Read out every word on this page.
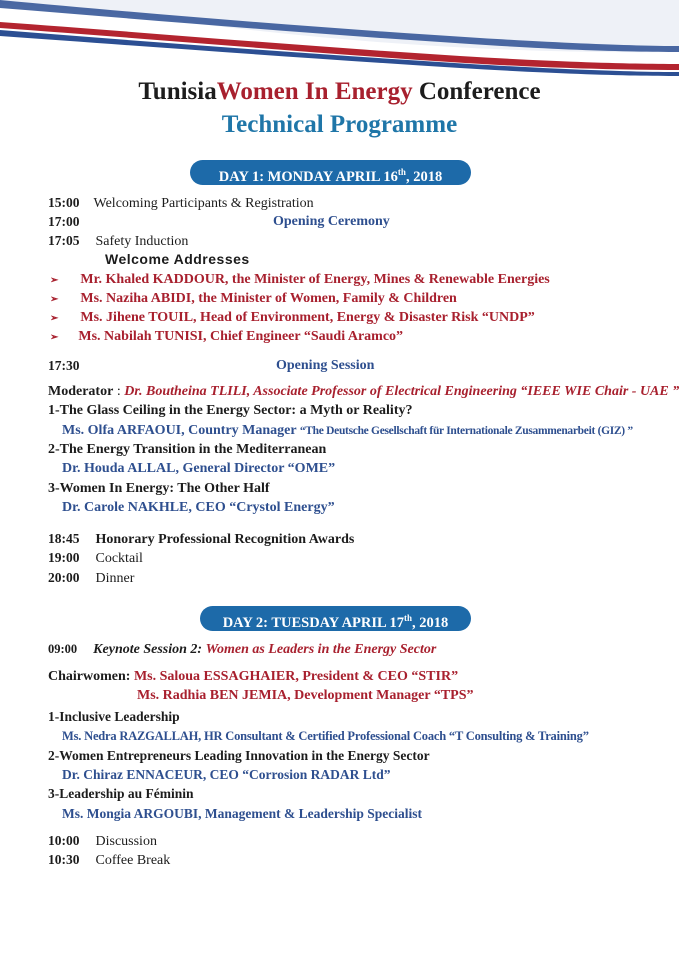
TunisiaWomen In Energy Conference
Technical Programme
DAY 1: MONDAY APRIL 16th, 2018
15:00 Welcoming Participants & Registration
17:00	Opening Ceremony
17:05 Safety Induction
Welcome Addresses
➢ Mr. Khaled KADDOUR, the Minister of Energy, Mines & Renewable Energies
➢ Ms. Naziha ABIDI, the Minister of Women, Family & Children
➢ Ms. Jihene TOUIL, Head of Environment, Energy & Disaster Risk “UNDP”
➢ Ms. Nabilah TUNISI, Chief Engineer “Saudi Aramco”
17:30	Opening Session
Moderator : Dr. Boutheina TLILI, Associate Professor of Electrical Engineering “IEEE WIE Chair - UAE ”
1-The Glass Ceiling in the Energy Sector: a Myth or Reality?
Ms. Olfa ARFAOUI, Country Manager “The Deutsche Gesellschaft für Internationale Zusammenarbeit (GIZ) ”
2-The Energy Transition in the Mediterranean
Dr. Houda ALLAL, General Director “OME”
3-Women In Energy: The Other Half
Dr. Carole NAKHLE, CEO “Crystol Energy”
18:45 Honorary Professional Recognition Awards
19:00 Cocktail
20:00 Dinner
DAY 2: TUESDAY APRIL 17th, 2018
09:00 Keynote Session 2: Women as Leaders in the Energy Sector
Chairwomen: Ms. Saloua ESSAGHAIER, President & CEO “STIR”
Ms. Radhia BEN JEMIA, Development Manager “TPS”
1-Inclusive Leadership
Ms. Nedra RAZGALLAH, HR Consultant & Certified Professional Coach “T Consulting & Training”
2-Women Entrepreneurs Leading Innovation in the Energy Sector
Dr. Chiraz ENNACEUR, CEO “Corrosion RADAR Ltd”
3-Leadership au Féminin
Ms. Mongia ARGOUBI, Management & Leadership Specialist
10:00 Discussion
10:30 Coffee Break
